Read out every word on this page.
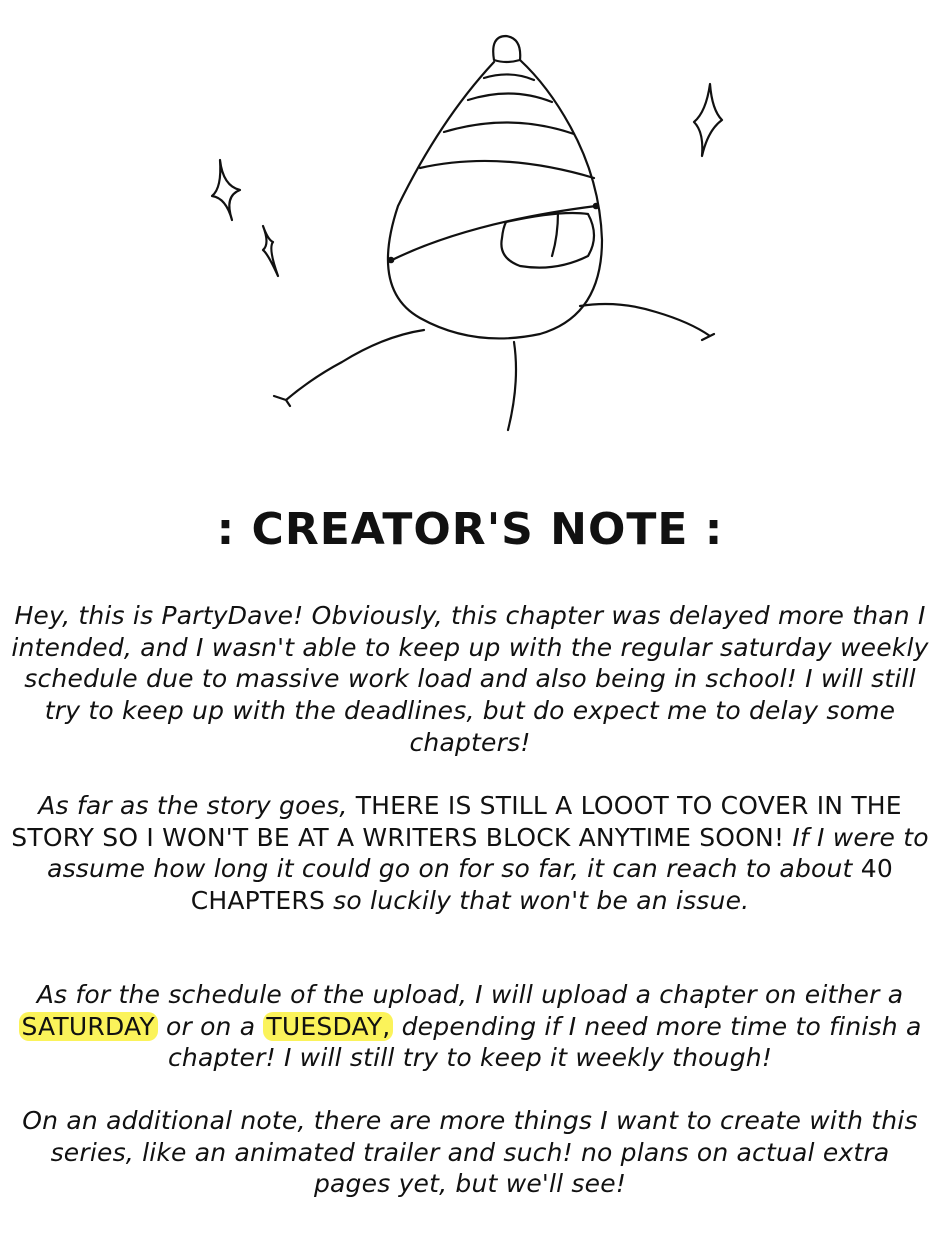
: CREATOR'S NOTE :

Hey, this is PartyDave! Obviously, this chapter was delayed more than I intended, and I wasn't able to keep up with the regular saturday weekly schedule due to massive work load and also being in school! I will still try to keep up with the deadlines, but do expect me to delay some chapters!

As far as the story goes, THERE IS STILL A LOOOT TO COVER IN THE STORY SO I WON'T BE AT A WRITERS BLOCK ANYTIME SOON! If I were to assume how long it could go on for so far, it can reach to about 40 CHAPTERS so luckily that won't be an issue.

As for the schedule of the upload, I will upload a chapter on either a SATURDAY or on a TUESDAY, depending if I need more time to finish a chapter! I will still try to keep it weekly though!

On an additional note, there are more things I want to create with this series, like an animated trailer and such! no plans on actual extra pages yet, but we'll see!
